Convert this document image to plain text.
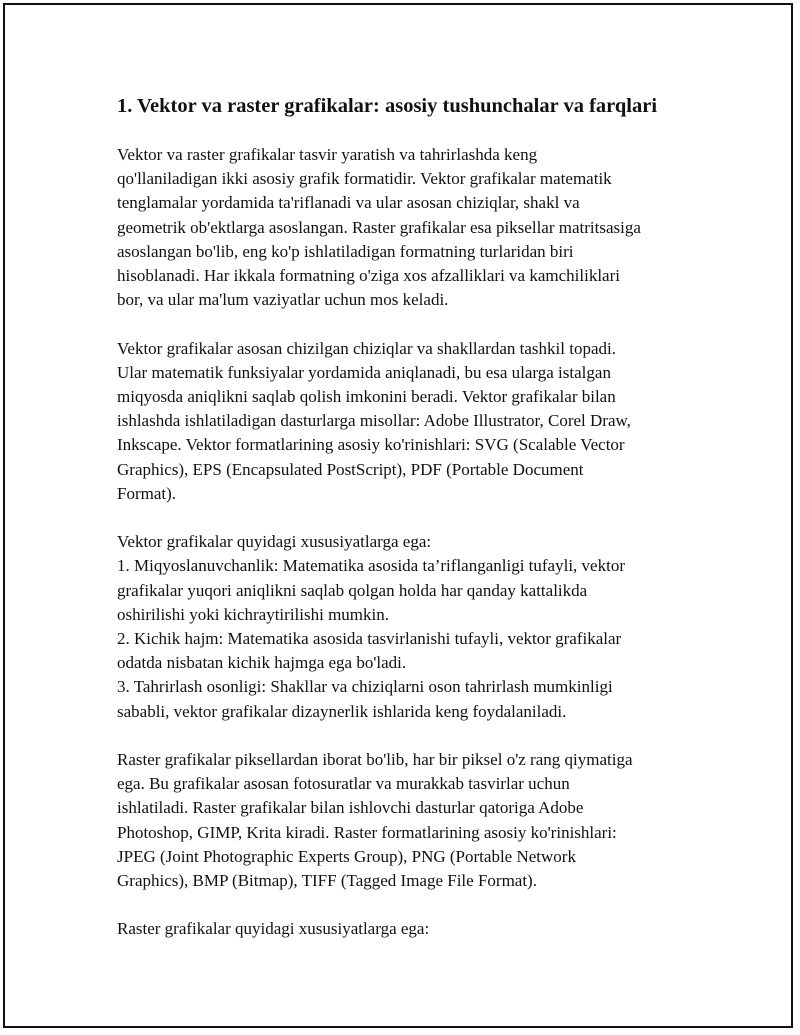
1. Vektor va raster grafikalar: asosiy tushunchalar va farqlari

Vektor va raster grafikalar tasvir yaratish va tahrirlashda keng
qo'llaniladigan ikki asosiy grafik formatidir. Vektor grafikalar matematik
tenglamalar yordamida ta'riflanadi va ular asosan chiziqlar, shakl va
geometrik ob'ektlarga asoslangan. Raster grafikalar esa piksellar matritsasiga
asoslangan bo'lib, eng ko'p ishlatiladigan formatning turlaridan biri
hisoblanadi. Har ikkala formatning o'ziga xos afzalliklari va kamchiliklari
bor, va ular ma'lum vaziyatlar uchun mos keladi.

Vektor grafikalar asosan chizilgan chiziqlar va shakllardan tashkil topadi.
Ular matematik funksiyalar yordamida aniqlanadi, bu esa ularga istalgan
miqyosda aniqlikni saqlab qolish imkonini beradi. Vektor grafikalar bilan
ishlashda ishlatiladigan dasturlarga misollar: Adobe Illustrator, Corel Draw,
Inkscape. Vektor formatlarining asosiy ko'rinishlari: SVG (Scalable Vector
Graphics), EPS (Encapsulated PostScript), PDF (Portable Document
Format).

Vektor grafikalar quyidagi xususiyatlarga ega:
1. Miqyoslanuvchanlik: Matematika asosida ta’riflanganligi tufayli, vektor
grafikalar yuqori aniqlikni saqlab qolgan holda har qanday kattalikda
oshirilishi yoki kichraytirilishi mumkin.
2. Kichik hajm: Matematika asosida tasvirlanishi tufayli, vektor grafikalar
odatda nisbatan kichik hajmga ega bo'ladi.
3. Tahrirlash osonligi: Shakllar va chiziqlarni oson tahrirlash mumkinligi
sababli, vektor grafikalar dizaynerlik ishlarida keng foydalaniladi.

Raster grafikalar piksellardan iborat bo'lib, har bir piksel o'z rang qiymatiga
ega. Bu grafikalar asosan fotosuratlar va murakkab tasvirlar uchun
ishlatiladi. Raster grafikalar bilan ishlovchi dasturlar qatoriga Adobe
Photoshop, GIMP, Krita kiradi. Raster formatlarining asosiy ko'rinishlari:
JPEG (Joint Photographic Experts Group), PNG (Portable Network
Graphics), BMP (Bitmap), TIFF (Tagged Image File Format).

Raster grafikalar quyidagi xususiyatlarga ega:
